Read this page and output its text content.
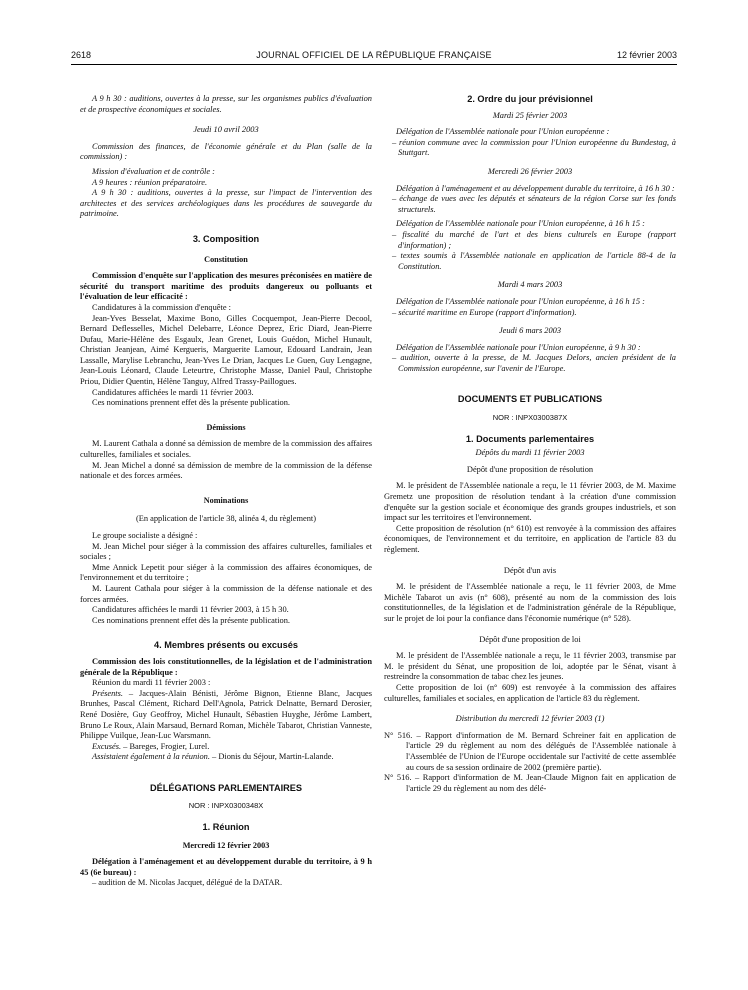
2618	JOURNAL OFFICIEL DE LA RÉPUBLIQUE FRANÇAISE	12 février 2003

A 9 h 30 : auditions, ouvertes à la presse, sur les organismes publics d'évaluation et de prospective économiques et sociales.

Jeudi 10 avril 2003

Commission des finances, de l'économie générale et du Plan (salle de la commission) :

Mission d'évaluation et de contrôle :

A 9 heures : réunion préparatoire.

A 9 h 30 : auditions, ouvertes à la presse, sur l'impact de l'intervention des architectes et des services archéologiques dans les procédures de sauvegarde du patrimoine.

3. Composition

Constitution

Commission d'enquête sur l'application des mesures préconisées en matière de sécurité du transport maritime des produits dangereux ou polluants et l'évaluation de leur efficacité :

Candidatures à la commission d'enquête :

Jean-Yves Besselat, Maxime Bono, Gilles Cocquempot, Jean-Pierre Decool, Bernard Deflesselles, Michel Delebarre, Léonce Deprez, Eric Diard, Jean-Pierre Dufau, Marie-Hélène des Esgaulx, Jean Grenet, Louis Guédon, Michel Hunault, Christian Jeanjean, Aimé Kergueris, Marguerite Lamour, Edouard Landrain, Jean Lassalle, Marylise Lebranchu, Jean-Yves Le Drian, Jacques Le Guen, Guy Lengagne, Jean-Louis Léonard, Claude Leteurtre, Christophe Masse, Daniel Paul, Christophe Priou, Didier Quentin, Hélène Tanguy, Alfred Trassy-Paillogues.

Candidatures affichées le mardi 11 février 2003.

Ces nominations prennent effet dès la présente publication.

Démissions

M. Laurent Cathala a donné sa démission de membre de la commission des affaires culturelles, familiales et sociales.

M. Jean Michel a donné sa démission de membre de la commission de la défense nationale et des forces armées.

Nominations

(En application de l'article 38, alinéa 4, du règlement)

Le groupe socialiste a désigné :

M. Jean Michel pour siéger à la commission des affaires culturelles, familiales et sociales ;

Mme Annick Lepetit pour siéger à la commission des affaires économiques, de l'environnement et du territoire ;

M. Laurent Cathala pour siéger à la commission de la défense nationale et des forces armées.

Candidatures affichées le mardi 11 février 2003, à 15 h 30.

Ces nominations prennent effet dès la présente publication.

4. Membres présents ou excusés

Commission des lois constitutionnelles, de la législation et de l'administration générale de la République :

Réunion du mardi 11 février 2003 :

Présents. – Jacques-Alain Bénisti, Jérôme Bignon, Etienne Blanc, Jacques Brunhes, Pascal Clément, Richard Dell'Agnola, Patrick Delnatte, Bernard Derosier, René Dosière, Guy Geoffroy, Michel Hunault, Sébastien Huyghe, Jérôme Lambert, Bruno Le Roux, Alain Marsaud, Bernard Roman, Michèle Tabarot, Christian Vanneste, Philippe Vuilque, Jean-Luc Warsmann.

Excusés. – Bareges, Frogier, Lurel.

Assistaient également à la réunion. – Dionis du Séjour, Martin-Lalande.

DÉLÉGATIONS PARLEMENTAIRES

NOR : INPX0300348X

1. Réunion

Mercredi 12 février 2003

Délégation à l'aménagement et au développement durable du territoire, à 9 h 45 (6e bureau) :

– audition de M. Nicolas Jacquet, délégué de la DATAR.

2. Ordre du jour prévisionnel

Mardi 25 février 2003

Délégation de l'Assemblée nationale pour l'Union européenne :

– réunion commune avec la commission pour l'Union européenne du Bundestag, à Stuttgart.

Mercredi 26 février 2003

Délégation à l'aménagement et au développement durable du territoire, à 16 h 30 :

– échange de vues avec les députés et sénateurs de la région Corse sur les fonds structurels.

Délégation de l'Assemblée nationale pour l'Union européenne, à 16 h 15 :

– fiscalité du marché de l'art et des biens culturels en Europe (rapport d'information) ;

– textes soumis à l'Assemblée nationale en application de l'article 88-4 de la Constitution.

Mardi 4 mars 2003

Délégation de l'Assemblée nationale pour l'Union européenne, à 16 h 15 :

– sécurité maritime en Europe (rapport d'information).

Jeudi 6 mars 2003

Délégation de l'Assemblée nationale pour l'Union européenne, à 9 h 30 :

– audition, ouverte à la presse, de M. Jacques Delors, ancien président de la Commission européenne, sur l'avenir de l'Europe.

DOCUMENTS ET PUBLICATIONS

NOR : INPX0300387X

1. Documents parlementaires

Dépôts du mardi 11 février 2003

Dépôt d'une proposition de résolution

M. le président de l'Assemblée nationale a reçu, le 11 février 2003, de M. Maxime Gremetz une proposition de résolution tendant à la création d'une commission d'enquête sur la gestion sociale et économique des grands groupes industriels, et son impact sur les territoires et l'environnement.

Cette proposition de résolution (n° 610) est renvoyée à la commission des affaires économiques, de l'environnement et du territoire, en application de l'article 83 du règlement.

Dépôt d'un avis

M. le président de l'Assemblée nationale a reçu, le 11 février 2003, de Mme Michèle Tabarot un avis (n° 608), présenté au nom de la commission des lois constitutionnelles, de la législation et de l'administration générale de la République, sur le projet de loi pour la confiance dans l'économie numérique (n° 528).

Dépôt d'une proposition de loi

M. le président de l'Assemblée nationale a reçu, le 11 février 2003, transmise par M. le président du Sénat, une proposition de loi, adoptée par le Sénat, visant à restreindre la consommation de tabac chez les jeunes.

Cette proposition de loi (n° 609) est renvoyée à la commission des affaires culturelles, familiales et sociales, en application de l'article 83 du règlement.

Distribution du mercredi 12 février 2003 (1)

N° 516. – Rapport d'information de M. Bernard Schreiner fait en application de l'article 29 du règlement au nom des délégués de l'Assemblée nationale à l'Assemblée de l'Union de l'Europe occidentale sur l'activité de cette assemblée au cours de sa session ordinaire de 2002 (première partie).

N° 516. – Rapport d'information de M. Jean-Claude Mignon fait en application de l'article 29 du règlement au nom des délé-
